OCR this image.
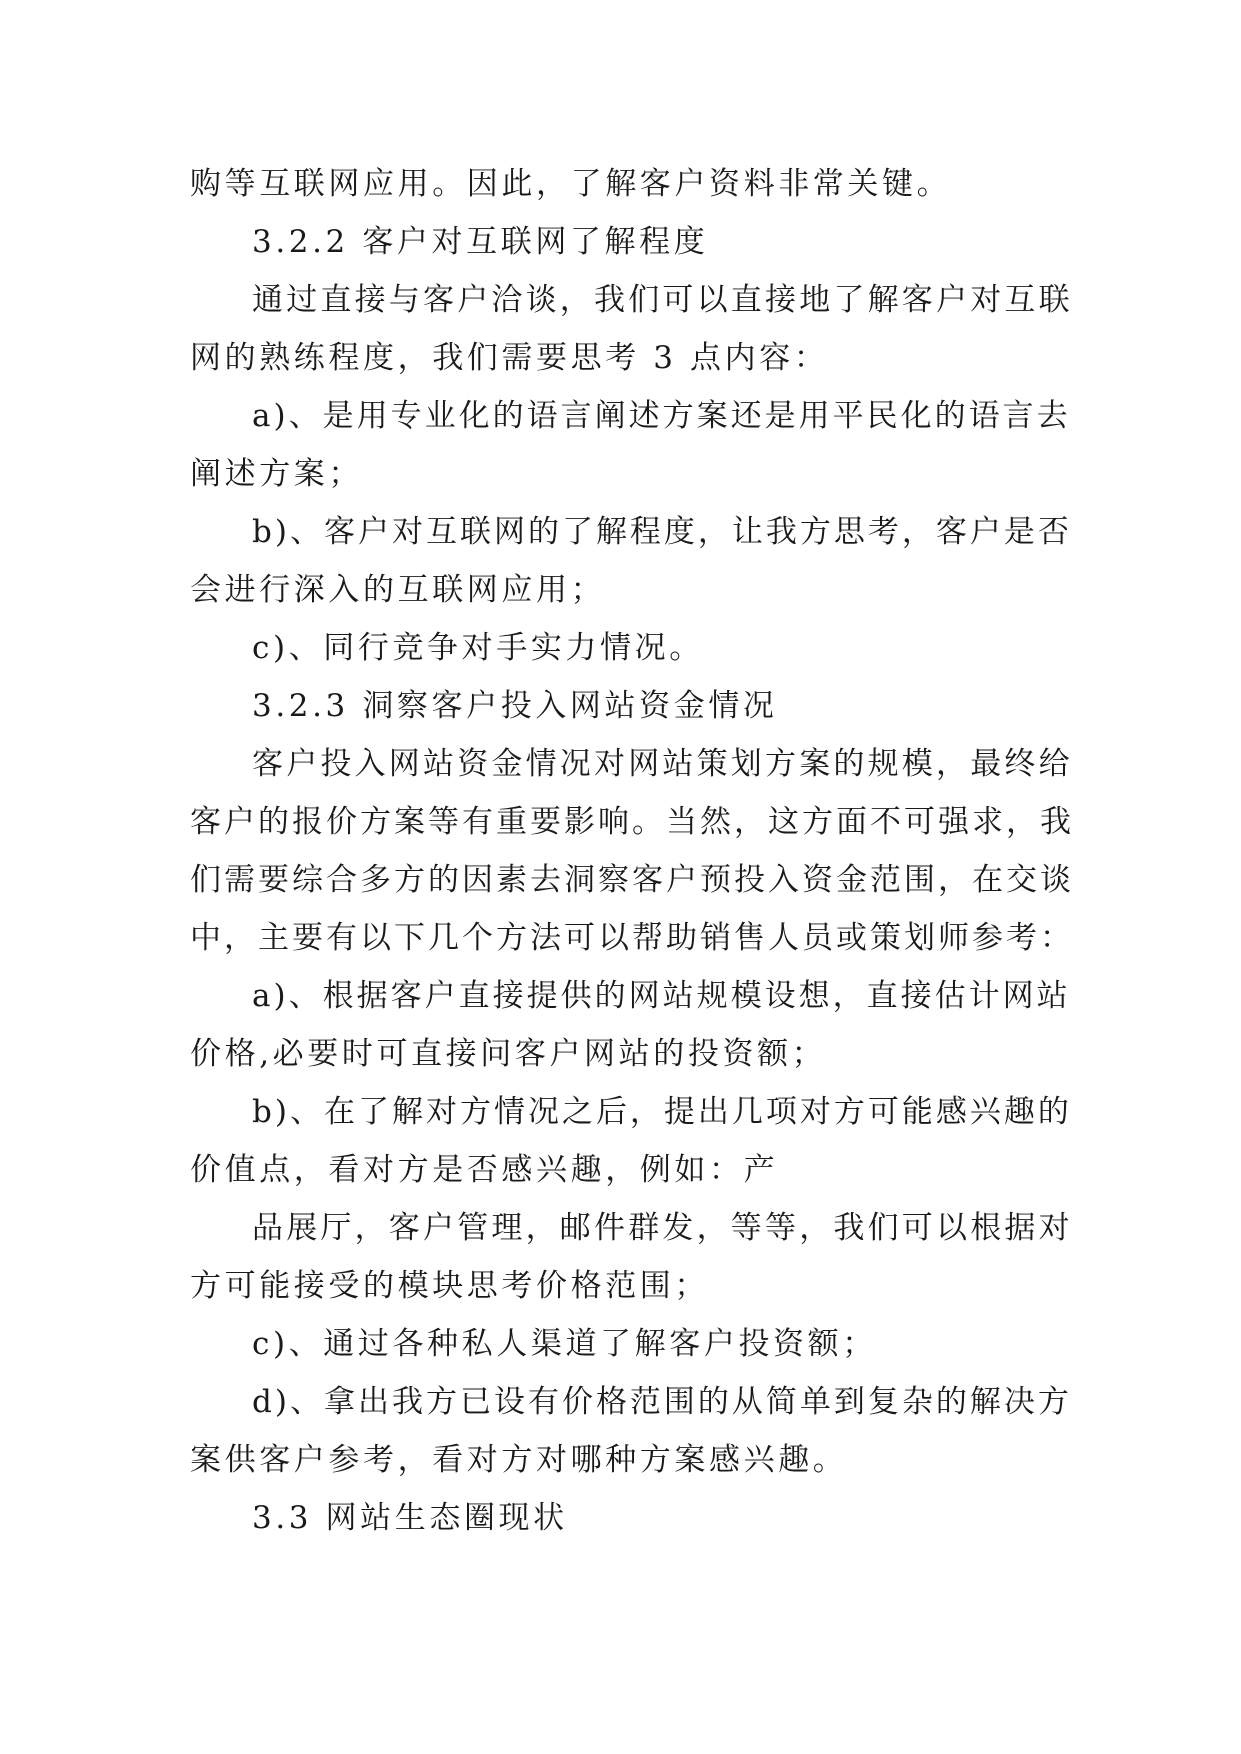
购等互联网应用。因此，了解客户资料非常关键。
3.2.2 客户对互联网了解程度
通过直接与客户洽谈，我们可以直接地了解客户对互联
网的熟练程度，我们需要思考 3 点内容：
a)、是用专业化的语言阐述方案还是用平民化的语言去
阐述方案；
b)、客户对互联网的了解程度，让我方思考，客户是否
会进行深入的互联网应用；
c)、同行竞争对手实力情况。
3.2.3 洞察客户投入网站资金情况
客户投入网站资金情况对网站策划方案的规模，最终给
客户的报价方案等有重要影响。当然，这方面不可强求，我
们需要综合多方的因素去洞察客户预投入资金范围，在交谈
中，主要有以下几个方法可以帮助销售人员或策划师参考：
a)、根据客户直接提供的网站规模设想，直接估计网站
价格,必要时可直接问客户网站的投资额；
b)、在了解对方情况之后，提出几项对方可能感兴趣的
价值点，看对方是否感兴趣，例如：产
品展厅，客户管理，邮件群发，等等，我们可以根据对
方可能接受的模块思考价格范围；
c)、通过各种私人渠道了解客户投资额；
d)、拿出我方已设有价格范围的从简单到复杂的解决方
案供客户参考，看对方对哪种方案感兴趣。
3.3 网站生态圈现状
